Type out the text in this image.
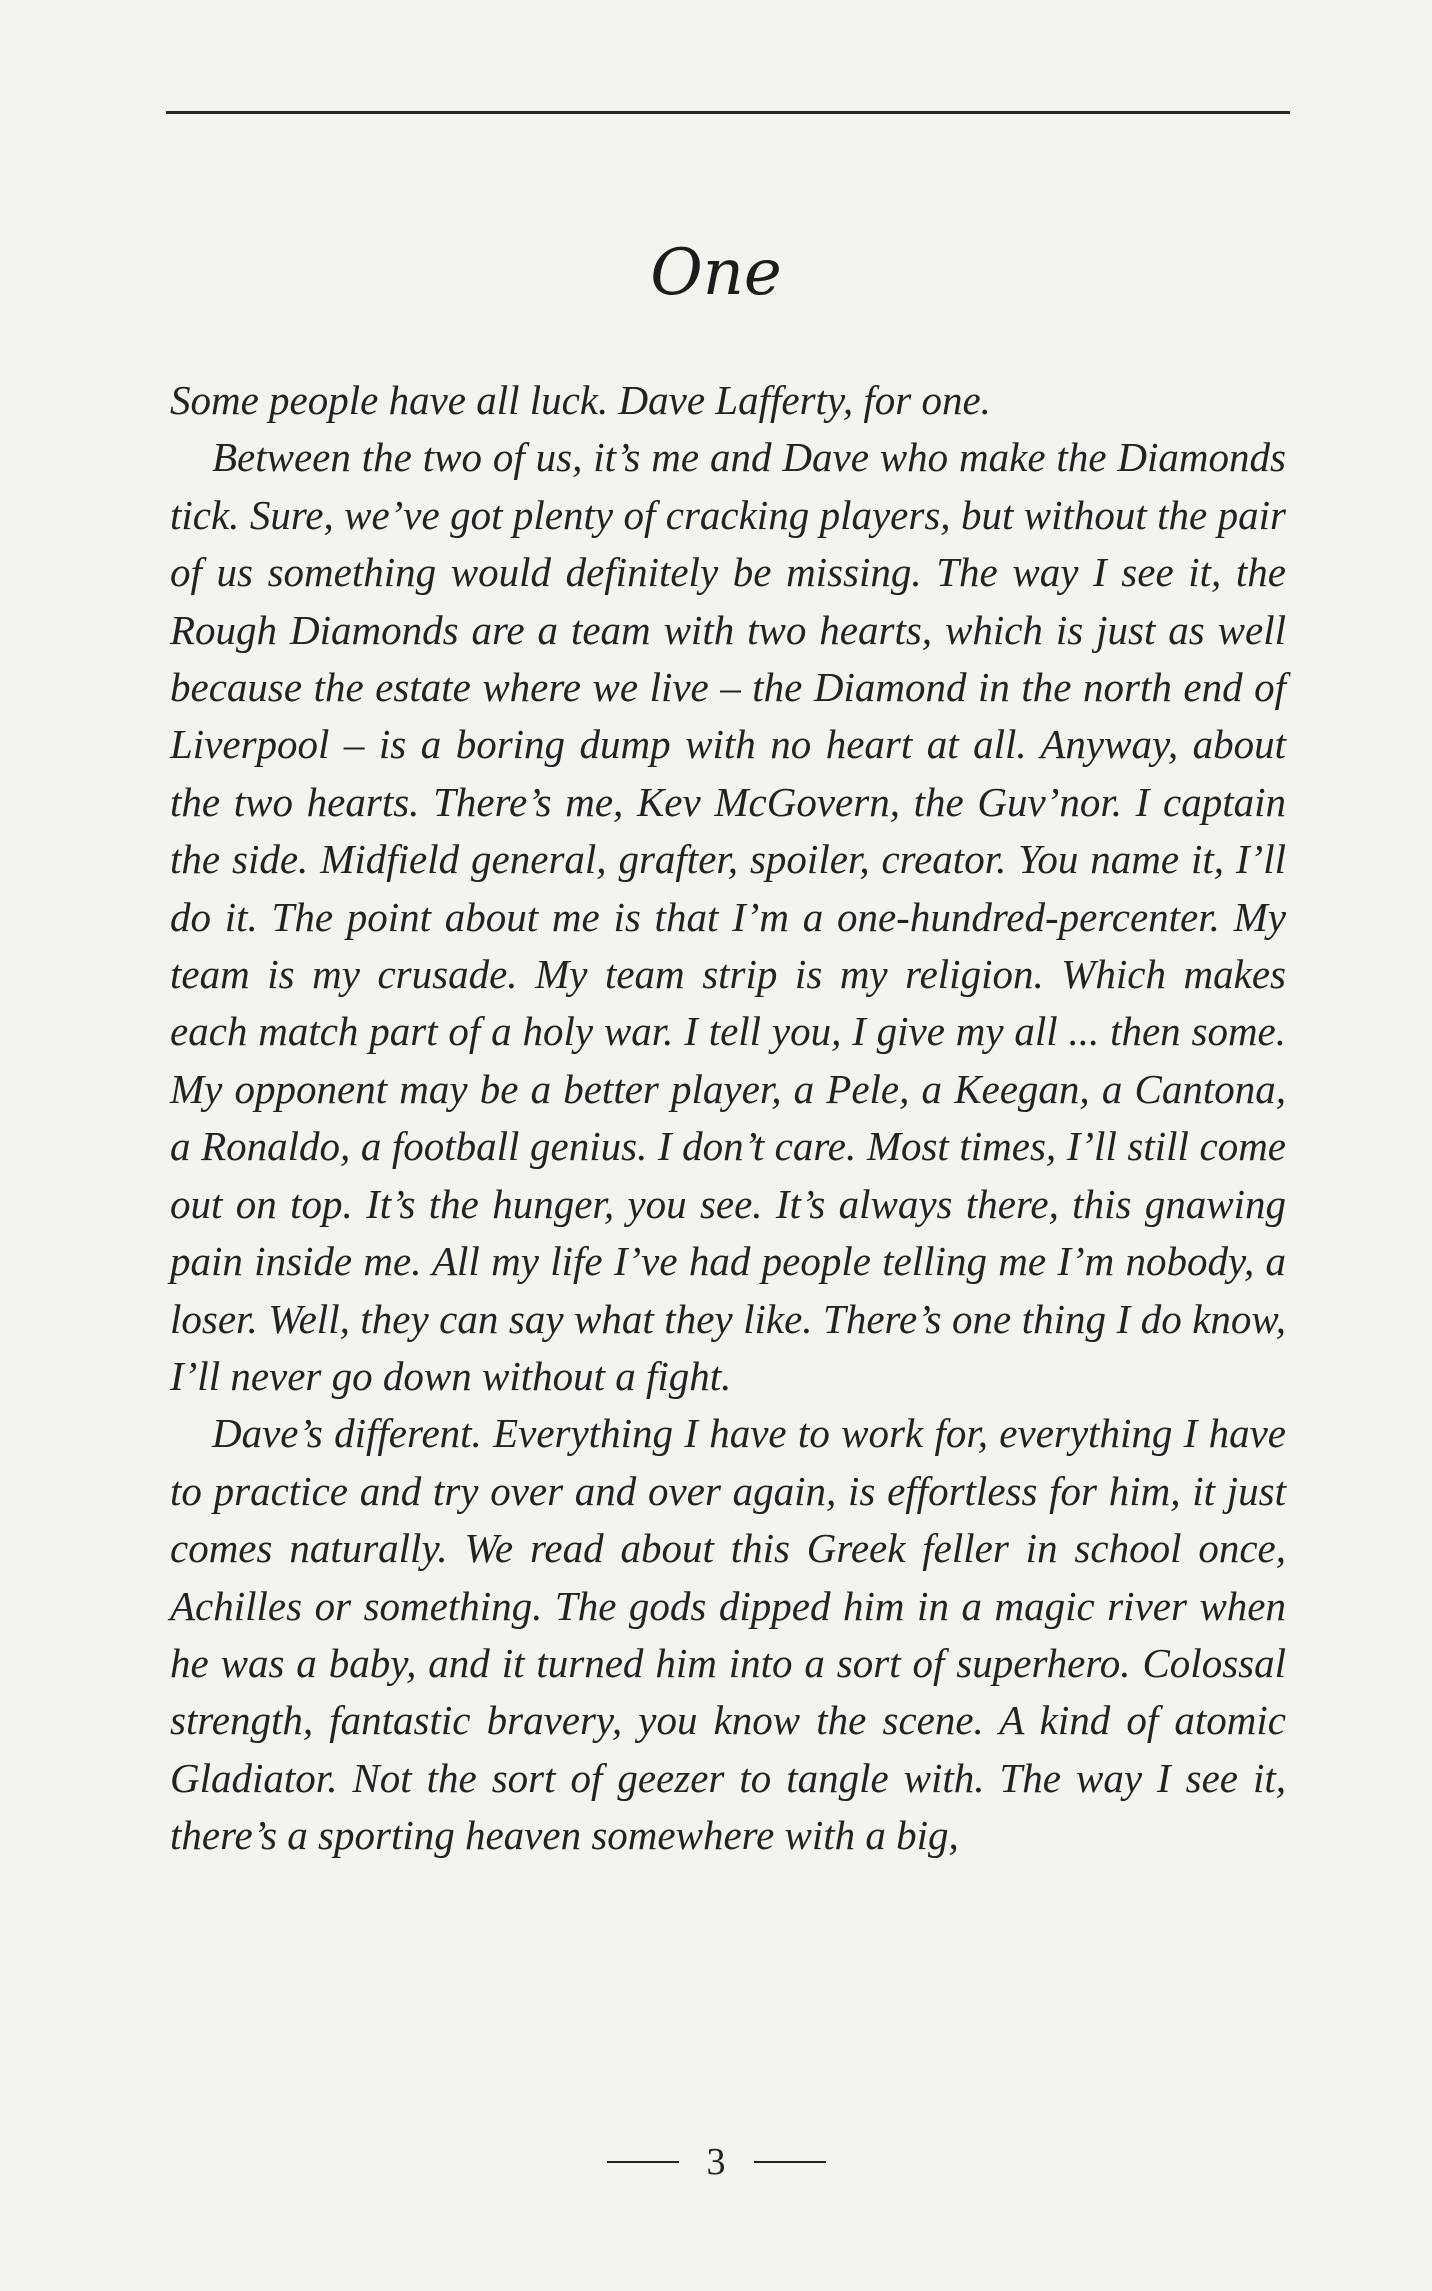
One

Some people have all luck. Dave Lafferty, for one.

Between the two of us, it’s me and Dave who make the Diamonds tick. Sure, we’ve got plenty of cracking players, but without the pair of us something would definitely be missing. The way I see it, the Rough Diamonds are a team with two hearts, which is just as well because the estate where we live – the Diamond in the north end of Liverpool – is a boring dump with no heart at all. Anyway, about the two hearts. There’s me, Kev McGovern, the Guv’nor. I captain the side. Midfield general, grafter, spoiler, creator. You name it, I’ll do it. The point about me is that I’m a one-hundred-percenter. My team is my crusade. My team strip is my religion. Which makes each match part of a holy war. I tell you, I give my all ... then some. My opponent may be a better player, a Pele, a Keegan, a Cantona, a Ronaldo, a football genius. I don’t care. Most times, I’ll still come out on top. It’s the hunger, you see. It’s always there, this gnawing pain inside me. All my life I’ve had people telling me I’m nobody, a loser. Well, they can say what they like. There’s one thing I do know, I’ll never go down without a fight.

Dave’s different. Everything I have to work for, everything I have to practice and try over and over again, is effortless for him, it just comes naturally. We read about this Greek feller in school once, Achilles or something. The gods dipped him in a magic river when he was a baby, and it turned him into a sort of superhero. Colossal strength, fantastic bravery, you know the scene. A kind of atomic Gladiator. Not the sort of geezer to tangle with. The way I see it, there’s a sporting heaven somewhere with a big,

3
